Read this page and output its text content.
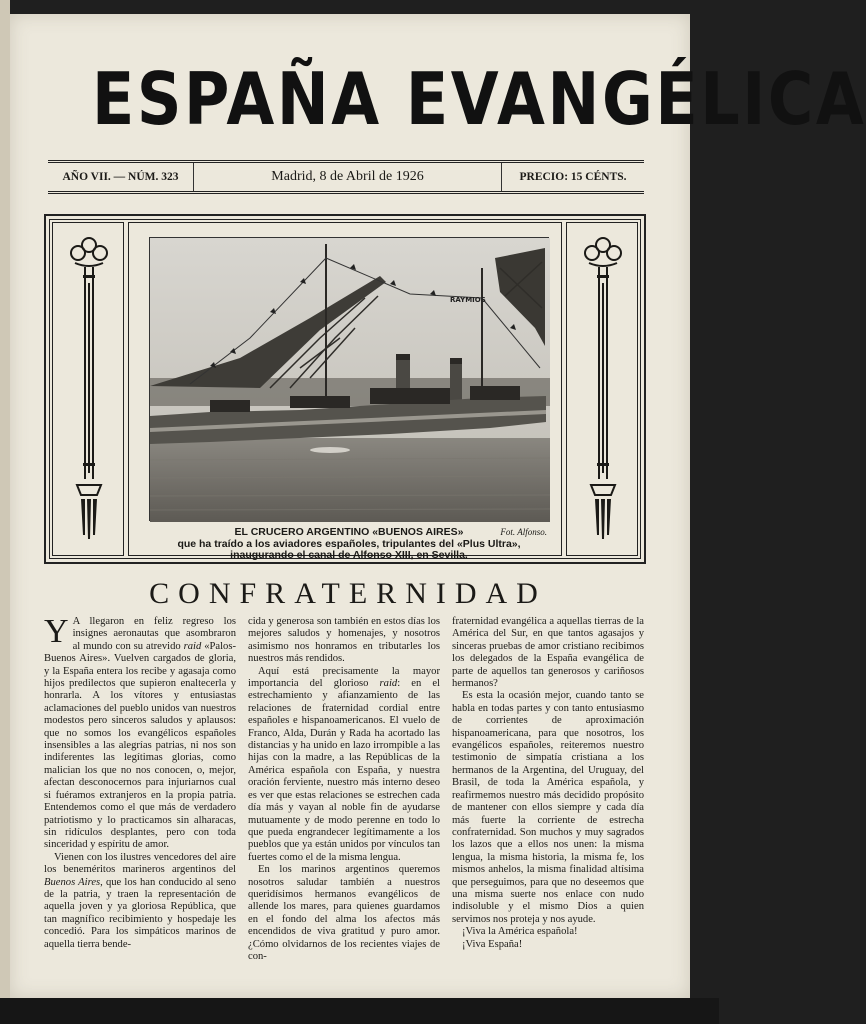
ESPAÑA EVANGÉLICA
AÑO VII. — NÚM. 323	Madrid, 8 de Abril de 1926	PRECIO: 15 CÉNTS.
RAYMIOS
EL CRUCERO ARGENTINO «BUENOS AIRES»
que ha traído a los aviadores españoles, tripulantes del «Plus Ultra»,
inaugurando el canal de Alfonso XIII, en Sevilla.
Fot. Alfonso.
CONFRATERNIDAD

Y A llegaron en feliz regreso los insignes aeronautas que asombraron al mundo con su atrevido raid «Palos-Buenos Aires». Vuelven cargados de gloria, y la España entera los recibe y agasaja como hijos predilectos que supieron enaltecerla y honrarla. A los vítores y entusiastas aclamaciones del pueblo unidos van nuestros modestos pero sinceros saludos y aplausos: que no somos los evangélicos españoles insensibles a las alegrías patrias, ni nos son indiferentes las legítimas glorias, como malician los que no nos conocen, o, mejor, afectan desconocernos para injuriarnos cual si fuéramos extranjeros en la propia patria. Entendemos como el que más de verdadero patriotismo y lo practicamos sin alharacas, sin ridículos desplantes, pero con toda sinceridad y espíritu de amor.

Vienen con los ilustres vencedores del aire los beneméritos marineros argentinos del Buenos Aires, que los han conducido al seno de la patria, y traen la representación de aquella joven y ya gloriosa República, que tan magnífico recibimiento y hospedaje les concedió. Para los simpáticos marinos de aquella tierra bende-

cida y generosa son también en estos días los mejores saludos y homenajes, y nosotros asimismo nos honramos en tributarles los nuestros más rendidos.

Aquí está precisamente la mayor importancia del glorioso raid: en el estrechamiento y afianzamiento de las relaciones de fraternidad cordial entre españoles e hispanoamericanos. El vuelo de Franco, Alda, Durán y Rada ha acortado las distancias y ha unido en lazo irrompible a las hijas con la madre, a las Repúblicas de la América española con España, y nuestra oración ferviente, nuestro más interno deseo es ver que estas relaciones se estrechen cada día más y vayan al noble fin de ayudarse mutuamente y de modo perenne en todo lo que pueda engrandecer legítimamente a los pueblos que ya están unidos por vínculos tan fuertes como el de la misma lengua.

En los marinos argentinos queremos nosotros saludar también a nuestros queridísimos hermanos evangélicos de allende los mares, para quienes guardamos en el fondo del alma los afectos más encendidos de viva gratitud y puro amor. ¿Cómo olvidarnos de los recientes viajes de con-

fraternidad evangélica a aquellas tierras de la América del Sur, en que tantos agasajos y sinceras pruebas de amor cristiano recibimos los delegados de la España evangélica de parte de aquellos tan generosos y cariñosos hermanos?

Es esta la ocasión mejor, cuando tanto se habla en todas partes y con tanto entusiasmo de corrientes de aproximación hispanoamericana, para que nosotros, los evangélicos españoles, reiteremos nuestro testimonio de simpatía cristiana a los hermanos de la Argentina, del Uruguay, del Brasil, de toda la América española, y reafirmemos nuestro más decidido propósito de mantener con ellos siempre y cada día más fuerte la corriente de estrecha confraternidad. Son muchos y muy sagrados los lazos que a ellos nos unen: la misma lengua, la misma historia, la misma fe, los mismos anhelos, la misma finalidad altísima que perseguimos, para que no deseemos que una misma suerte nos enlace con nudo indisoluble y el mismo Dios a quien servimos nos proteja y nos ayude.

¡Viva la América española!

¡Viva España!
